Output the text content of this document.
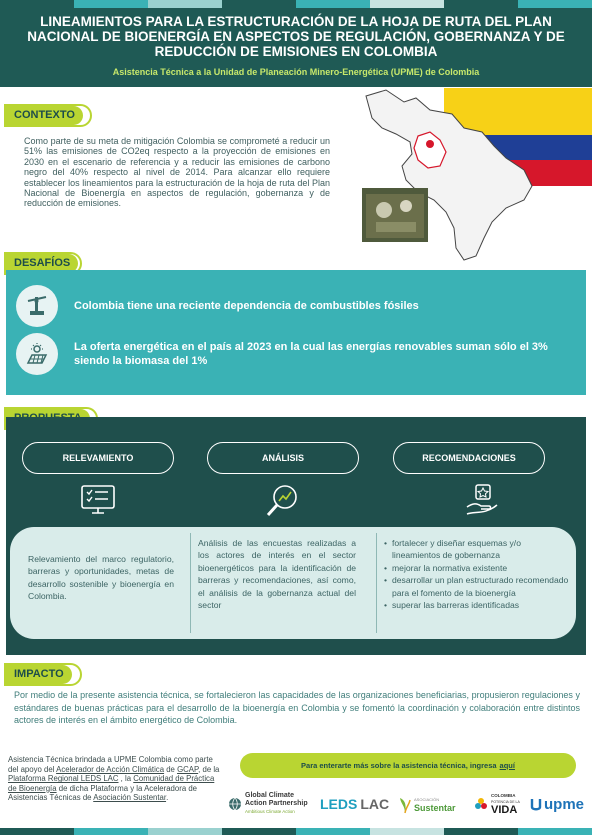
LINEAMIENTOS PARA LA ESTRUCTURACIÓN DE LA HOJA DE RUTA DEL PLAN NACIONAL DE BIOENERGÍA EN ASPECTOS DE REGULACIÓN, GOBERNANZA Y DE REDUCCIÓN DE EMISIONES EN COLOMBIA
Asistencia Técnica a la Unidad de Planeación Minero-Energética (UPME) de Colombia
CONTEXTO

Como parte de su meta de mitigación Colombia se comprometé a reducir un 51% las emisiones de CO2eq respecto a la proyección de emisiones en 2030 en el escenario de referencia y a reducir las emisiones de carbono negro del 40% respecto al nivel de 2014. Para alcanzar ello requiere establecer los lineamientos para la estructuración de la hoja de ruta del Plan Nacional de Bioenergía en aspectos de regulación, gobernanza y de reducción de emisiones.

DESAFÍOS
Colombia tiene una reciente dependencia de combustibles fósiles
La oferta energética en el país al 2023 en la cual las energías renovables suman sólo el 3% siendo la biomasa del 1%
RELEVAMIENTO	ANÁLISIS	RECOMENDACIONES
Relevamiento del marco regulatorio, barreras y oportunidades, metas de desarrollo sostenible y bioenergía en Colombia.
Análisis de las encuestas realizadas a los actores de interés en el sector bioenergéticos para la identificación de barreras y recomendaciones, así como, el análisis de la gobernanza actual del sector
• fortalecer y diseñar esquemas y/o lineamientos de gobernanza
• mejorar la normativa existente
• desarrollar un plan estructurado recomendado para el fomento de la bioenergía
• superar las barreras identificadas
IMPACTO

Por medio de la presente asistencia técnica, se fortalecieron las capacidades de las organizaciones beneficiarias, propusieron regulaciones y estándares de buenas prácticas para el desarrollo de la bioenergía en Colombia y se fomentó la coordinación y colaboración entre distintos actores de interés en el ámbito energético de Colombia.

Asistencia Técnica brindada a UPME Colombia como parte del apoyo del Acelerador de Acción Climática de GCAP, de la Plataforma Regional LEDS LAC , la Comunidad de Práctica de Bioenergía de dicha Plataforma y la Aceleradora de Asistencias Técnicas de Asociación Sustentar.
Para enterarte más sobre la asistencia técnica, ingresa aquí
Global Climate
Action Partnership
Ambitious Climate Action	LEDS LAC	ASOCIACIÓN
Sustentar
COLOMBIA
POTENCIA DE LA
VIDA upme
